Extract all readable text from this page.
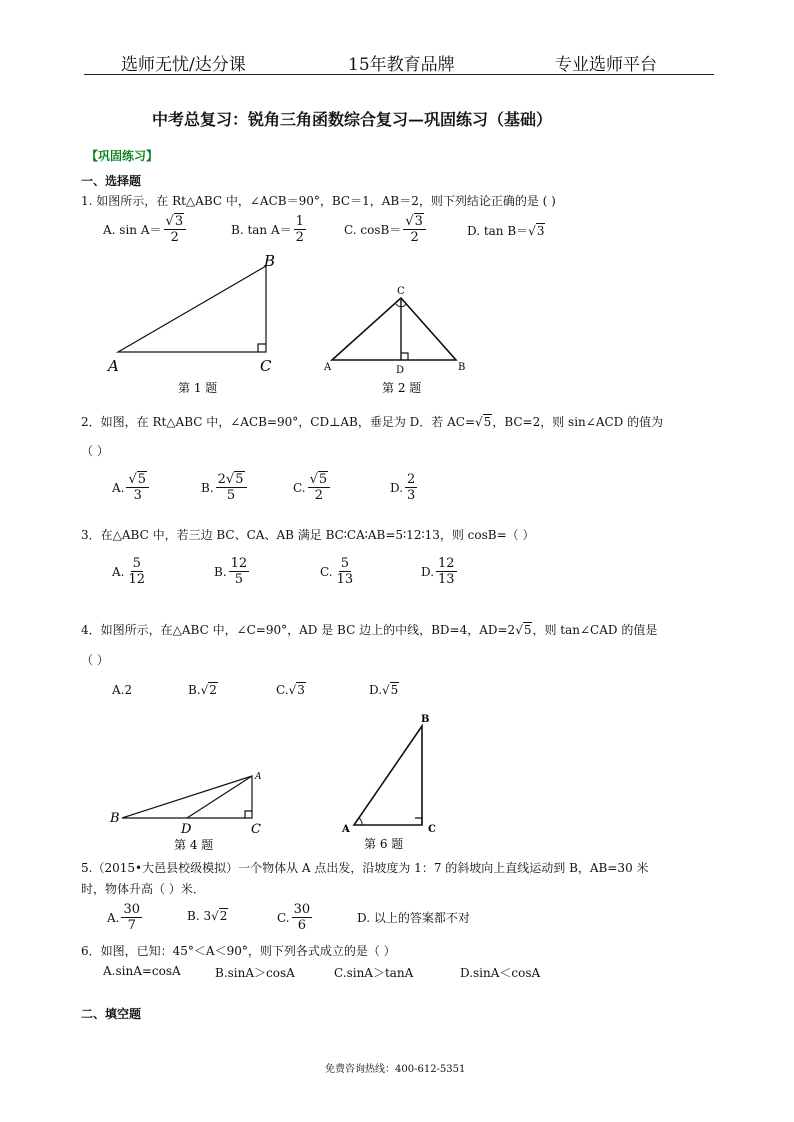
选师无忧/达分课	15年教育品牌	专业选师平台
中考总复习：锐角三角函数综合复习—巩固练习（基础）
【巩固练习】
一、选择题
1. 如图所示，在 Rt△ABC 中，∠ACB＝90°，BC＝1，AB＝2，则下列结论正确的是 ( )
A. $\sin A= \frac{√3}{2}$	B. $\tan A= \frac{1}{2}$	C. $\cos B= \frac{√3}{2}$	D. tan B＝√3
A
B
C
第 1 题
C
A	B
D
第 2 题
2．如图，在 Rt△ABC 中，∠ACB=90°，CD⊥AB，垂足为 D．若 AC=√5，BC=2，则 sin∠ACD 的值为
（ ）
A. $\frac{√5}{3}$	B. $\frac{2√5}{5}$	C. $\frac{√5}{2}$	D. $\frac{2}{3}$
3．在△ABC 中，若三边 BC、CA、AB 满足 BC∶CA∶AB=5∶12∶13，则 cosB=（ ）
A. $\frac{5}{12}$	B. $\frac{12}{5}$	C. $\frac{5}{13}$	D. $\frac{12}{13}$
4．如图所示，在△ABC 中，∠C=90°，AD 是 BC 边上的中线，BD=4，AD=2√5，则 tan∠CAD 的值是
（ ）
A.2	B.√2	C.√3	D.√5
B
D	C
A
第 4 题
B
A	C
第 6 题
5.（2015•大邑县校级模拟）一个物体从 A 点出发，沿坡度为 1：7 的斜坡向上直线运动到 B，AB=30 米
时，物体升高（ ）米．
A. $\frac{30}{7}$	B. 3√2	C. $\frac{30}{6}$	D. 以上的答案都不对
6．如图，已知：45°＜A＜90°，则下列各式成立的是（ ）
A.sinA=cosA	B.sinA＞cosA	C.sinA＞tanA	D.sinA＜cosA
二、填空题
免费咨询热线：400-612-5351
